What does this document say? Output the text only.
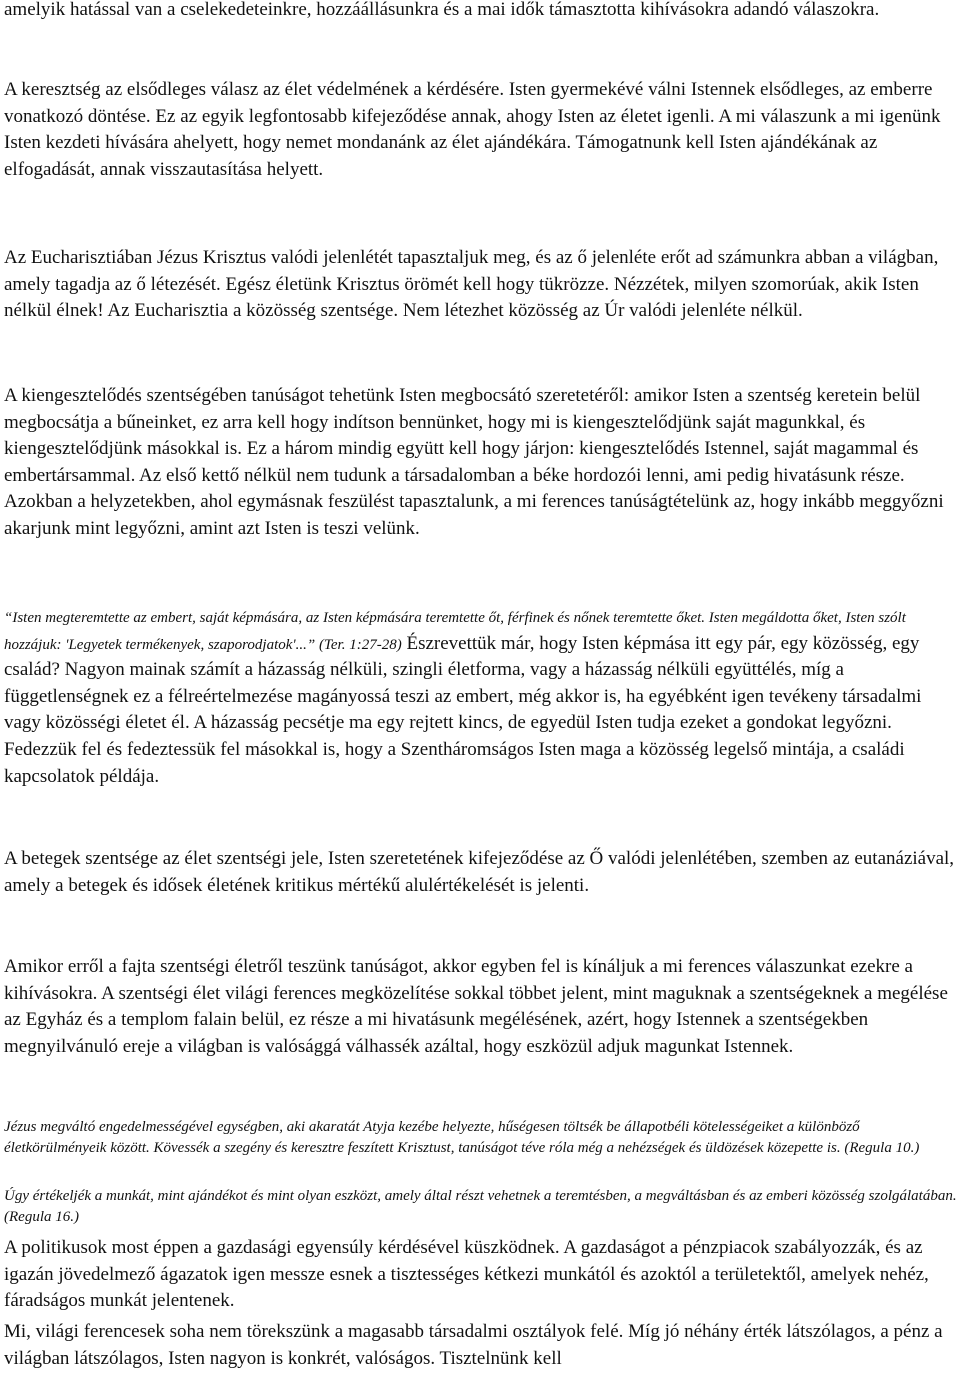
amelyik hatással van a cselekedeteinkre, hozzáállásunkra és a mai idők támasztotta kihívásokra adandó válaszokra.

A keresztség az elsődleges válasz az élet védelmének a kérdésére. Isten gyermekévé válni Istennek elsődleges, az emberre vonatkozó döntése. Ez az egyik legfontosabb kifejeződése annak, ahogy Isten az életet igenli. A mi válaszunk a mi igenünk Isten kezdeti hívására ahelyett, hogy nemet mondanánk az élet ajándékára. Támogatnunk kell Isten ajándékának az elfogadását, annak visszautasítása helyett.

Az Eucharisztiában Jézus Krisztus valódi jelenlétét tapasztaljuk meg, és az ő jelenléte erőt ad számunkra abban a világban, amely tagadja az ő létezését. Egész életünk Krisztus örömét kell hogy tükrözze. Nézzétek, milyen szomorúak, akik Isten nélkül élnek! Az Eucharisztia a közösség szentsége. Nem létezhet közösség az Úr valódi jelenléte nélkül.

A kiengesztelődés szentségében tanúságot tehetünk Isten megbocsátó szeretetéről: amikor Isten a szentség keretein belül megbocsátja a bűneinket, ez arra kell hogy indítson bennünket, hogy mi is kiengesztelődjünk saját magunkkal, és kiengesztelődjünk másokkal is. Ez a három mindig együtt kell hogy járjon: kiengesztelődés Istennel, saját magammal és embertársammal. Az első kettő nélkül nem tudunk a társadalomban a béke hordozói lenni, ami pedig hivatásunk része. Azokban a helyzetekben, ahol egymásnak feszülést tapasztalunk, a mi ferences tanúságtételünk az, hogy inkább meggyőzni akarjunk mint legyőzni, amint azt Isten is teszi velünk.

“Isten megteremtette az embert, saját képmására, az Isten képmására teremtette őt, férfinek és nőnek teremtette őket. Isten megáldotta őket, Isten szólt hozzájuk: 'Legyetek termékenyek, szaporodjatok'...” (Ter. 1:27-28) Észrevettük már, hogy Isten képmása itt egy pár, egy közösség, egy család? Nagyon mainak számít a házasság nélküli, szingli életforma, vagy a házasság nélküli együttélés, míg a függetlenségnek ez a félreértelmezése magányossá teszi az embert, még akkor is, ha egyébként igen tevékeny társadalmi vagy közösségi életet él. A házasság pecsétje ma egy rejtett kincs, de egyedül Isten tudja ezeket a gondokat legyőzni. Fedezzük fel és fedeztessük fel másokkal is, hogy a Szentháromságos Isten maga a közösség legelső mintája, a családi kapcsolatok példája.

A betegek szentsége az élet szentségi jele, Isten szeretetének kifejeződése az Ő valódi jelenlétében, szemben az eutanáziával, amely a betegek és idősek életének kritikus mértékű alulértékelését is jelenti.

Amikor erről a fajta szentségi életről teszünk tanúságot, akkor egyben fel is kínáljuk a mi ferences válaszunkat ezekre a kihívásokra. A szentségi élet világi ferences megközelítése sokkal többet jelent, mint maguknak a szentségeknek a megélése az Egyház és a templom falain belül, ez része a mi hivatásunk megélésének, azért, hogy Istennek a szentségekben megnyilvánuló ereje a világban is valósággá válhassék azáltal, hogy eszközül adjuk magunkat Istennek.

Jézus megváltó engedelmességével egységben, aki akaratát Atyja kezébe helyezte, hűségesen töltsék be állapotbéli kötelességeiket a különböző életkörülményeik között. Kövessék a szegény és keresztre feszített Krisztust, tanúságot téve róla még a nehézségek és üldözések közepette is. (Regula 10.)

Úgy értékeljék a munkát, mint ajándékot és mint olyan eszközt, amely által részt vehetnek a teremtésben, a megváltásban és az emberi közösség szolgálatában. (Regula 16.)

A politikusok most éppen a gazdasági egyensúly kérdésével küszködnek. A gazdaságot a pénzpiacok szabályozzák, és az igazán jövedelmező ágazatok igen messze esnek a tisztességes kétkezi munkától és azoktól a területektől, amelyek nehéz, fáradságos munkát jelentenek.

Mi, világi ferencesek soha nem törekszünk a magasabb társadalmi osztályok felé. Míg jó néhány érték látszólagos, a pénz a világban látszólagos, Isten nagyon is konkrét, valóságos. Tisztelnünk kell
